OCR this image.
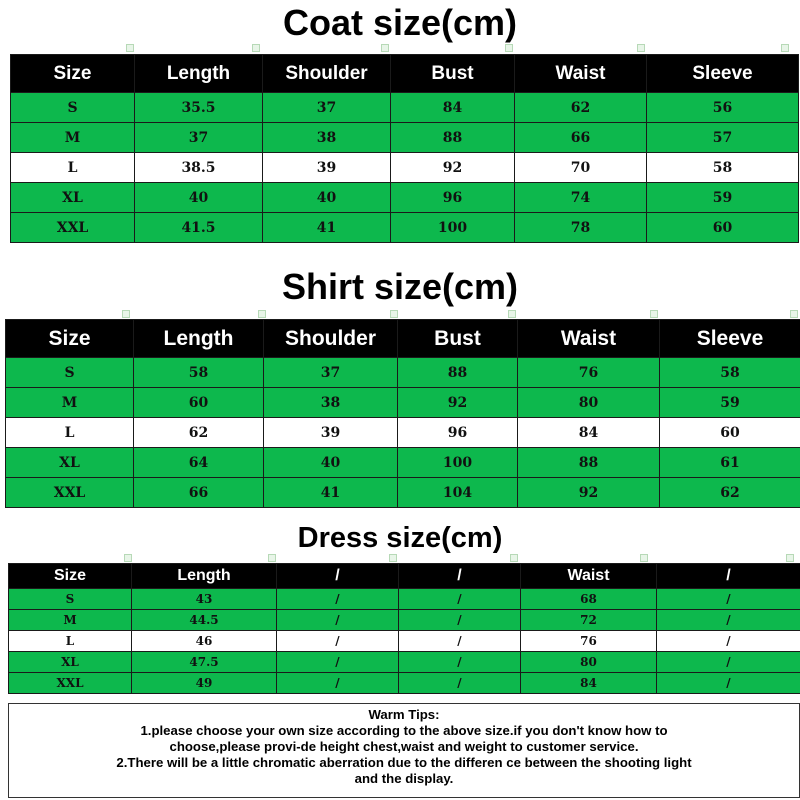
Coat size(cm)
Size	Length	Shoulder	Bust	Waist	Sleeve
S	35.5	37	84	62	56
M	37	38	88	66	57
L	38.5	39	92	70	58
XL	40	40	96	74	59
XXL	41.5	41	100	78	60
Shirt size(cm)
Size	Length	Shoulder	Bust	Waist	Sleeve
S	58	37	88	76	58
M	60	38	92	80	59
L	62	39	96	84	60
XL	64	40	100	88	61
XXL	66	41	104	92	62
Dress size(cm)
Size	Length	/	/	Waist	/
S	43	/	/	68	/
M	44.5	/	/	72	/
L	46	/	/	76	/
XL	47.5	/	/	80	/
XXL	49	/	/	84	/
Warm Tips:
1.please choose your own size according to the above size.if you don't know how to
choose,please provi-de height chest,waist and weight to customer service.
2.There will be a little chromatic aberration due to the differen ce between the shooting light
and the display.
